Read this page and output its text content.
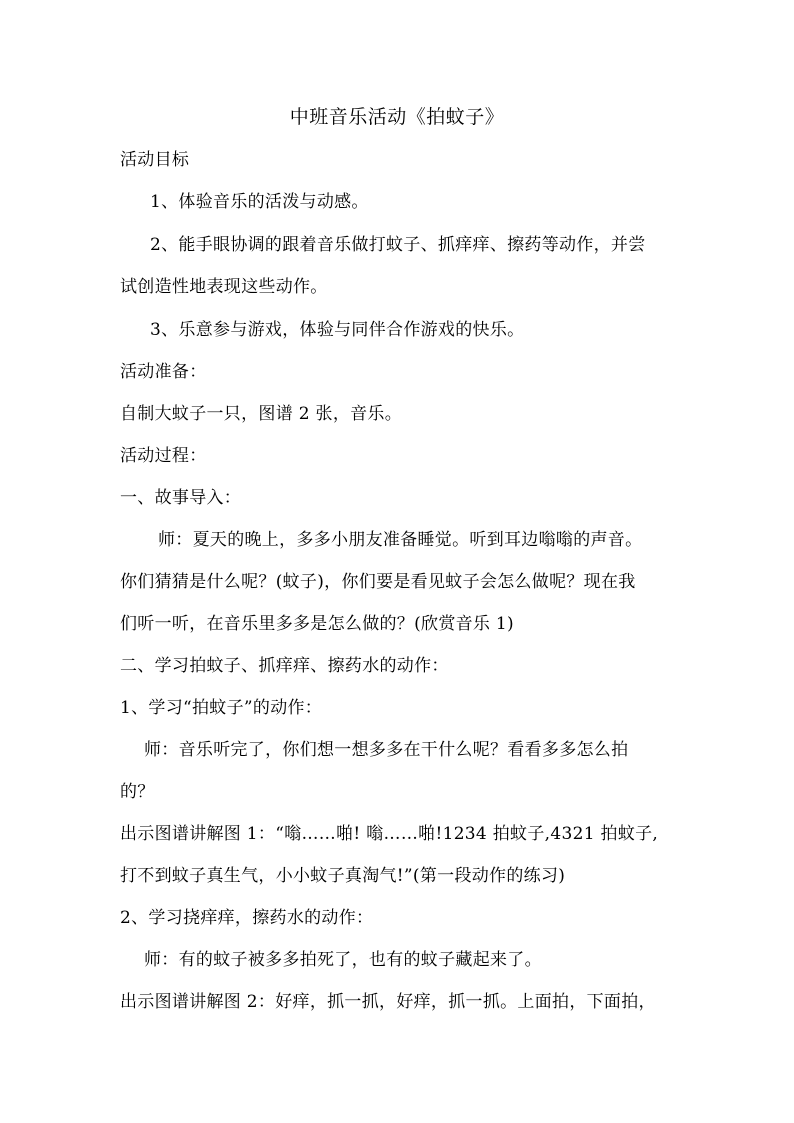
中班音乐活动《拍蚊子》
活动目标
1、体验音乐的活泼与动感。
2、能手眼协调的跟着音乐做打蚊子、抓痒痒、擦药等动作，并尝
试创造性地表现这些动作。
3、乐意参与游戏，体验与同伴合作游戏的快乐。
活动准备：
自制大蚊子一只，图谱 2 张，音乐。
活动过程：
一、故事导入：
师：夏天的晚上，多多小朋友准备睡觉。听到耳边嗡嗡的声音。
你们猜猜是什么呢？(蚊子)，你们要是看见蚊子会怎么做呢？现在我
们听一听，在音乐里多多是怎么做的？(欣赏音乐 1)
二、学习拍蚊子、抓痒痒、擦药水的动作：
1、学习“拍蚊子”的动作：
师：音乐听完了，你们想一想多多在干什么呢？看看多多怎么拍
的？
出示图谱讲解图 1：“嗡……啪! 嗡……啪!1234 拍蚊子,4321 拍蚊子,
打不到蚊子真生气，小小蚊子真淘气!”(第一段动作的练习)
2、学习挠痒痒，擦药水的动作：
师：有的蚊子被多多拍死了，也有的蚊子藏起来了。
出示图谱讲解图 2：好痒，抓一抓，好痒，抓一抓。上面拍，下面拍，
